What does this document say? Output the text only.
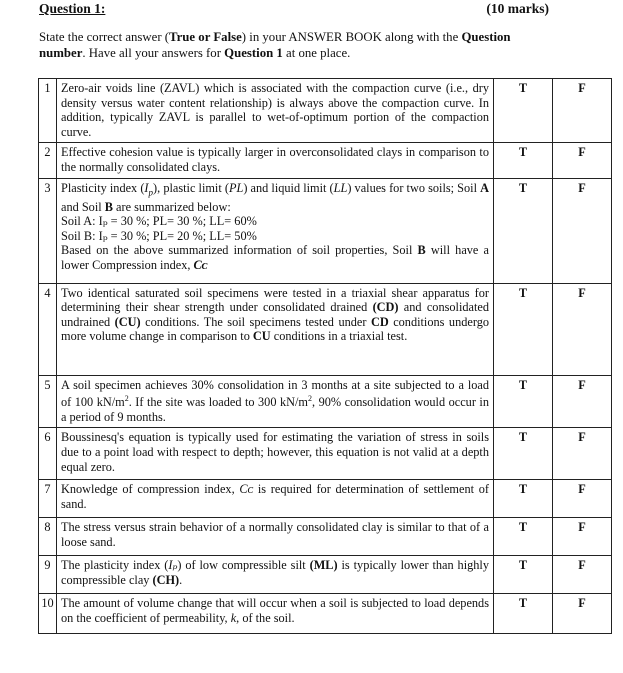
Question 1:	(10 marks)
State the correct answer (True or False) in your ANSWER BOOK along with the Question number. Have all your answers for Question 1 at one place.
1	Zero-air voids line (ZAVL) which is associated with the compaction curve (i.e., dry density versus water content relationship) is always above the compaction curve. In addition, typically ZAVL is parallel to wet-of-optimum portion of the compaction curve.	T	F
2	Effective cohesion value is typically larger in overconsolidated clays in comparison to the normally consolidated clays.	T	F
3	Plasticity index $(I_p)$, plastic limit (PL) and liquid limit (LL) values for two soils; Soil A and Soil B are summarized below:
Soil A: Iₚ = 30 %; PL= 30 %; LL= 60%
Soil B: Iₚ = 30 %; PL= 20 %; LL= 50%
Based on the above summarized information of soil properties, Soil B will have a lower Compression index, Cᴄ	T	F
4	Two identical saturated soil specimens were tested in a triaxial shear apparatus for determining their shear strength under consolidated drained (CD) and consolidated undrained (CU) conditions. The soil specimens tested under CD conditions undergo more volume change in comparison to CU conditions in a triaxial test.	T	F
5	A soil specimen achieves 30% consolidation in 3 months at a site subjected to a load of 100 $kN/m^2$. If the site was loaded to 300 $kN/m^2$, 90% consolidation would occur in a period of 9 months.	T	F
6	Boussinesq's equation is typically used for estimating the variation of stress in soils due to a point load with respect to depth; however, this equation is not valid at a depth equal zero.	T	F
7	Knowledge of compression index, Cᴄ is required for determination of settlement of sand.	T	F
8	The stress versus strain behavior of a normally consolidated clay is similar to that of a loose sand.	T	F
9	The plasticity index (Iₚ) of low compressible silt (ML) is typically lower than highly compressible clay (CH).	T	F
10	The amount of volume change that will occur when a soil is subjected to load depends on the coefficient of permeability, k, of the soil.	T	F
